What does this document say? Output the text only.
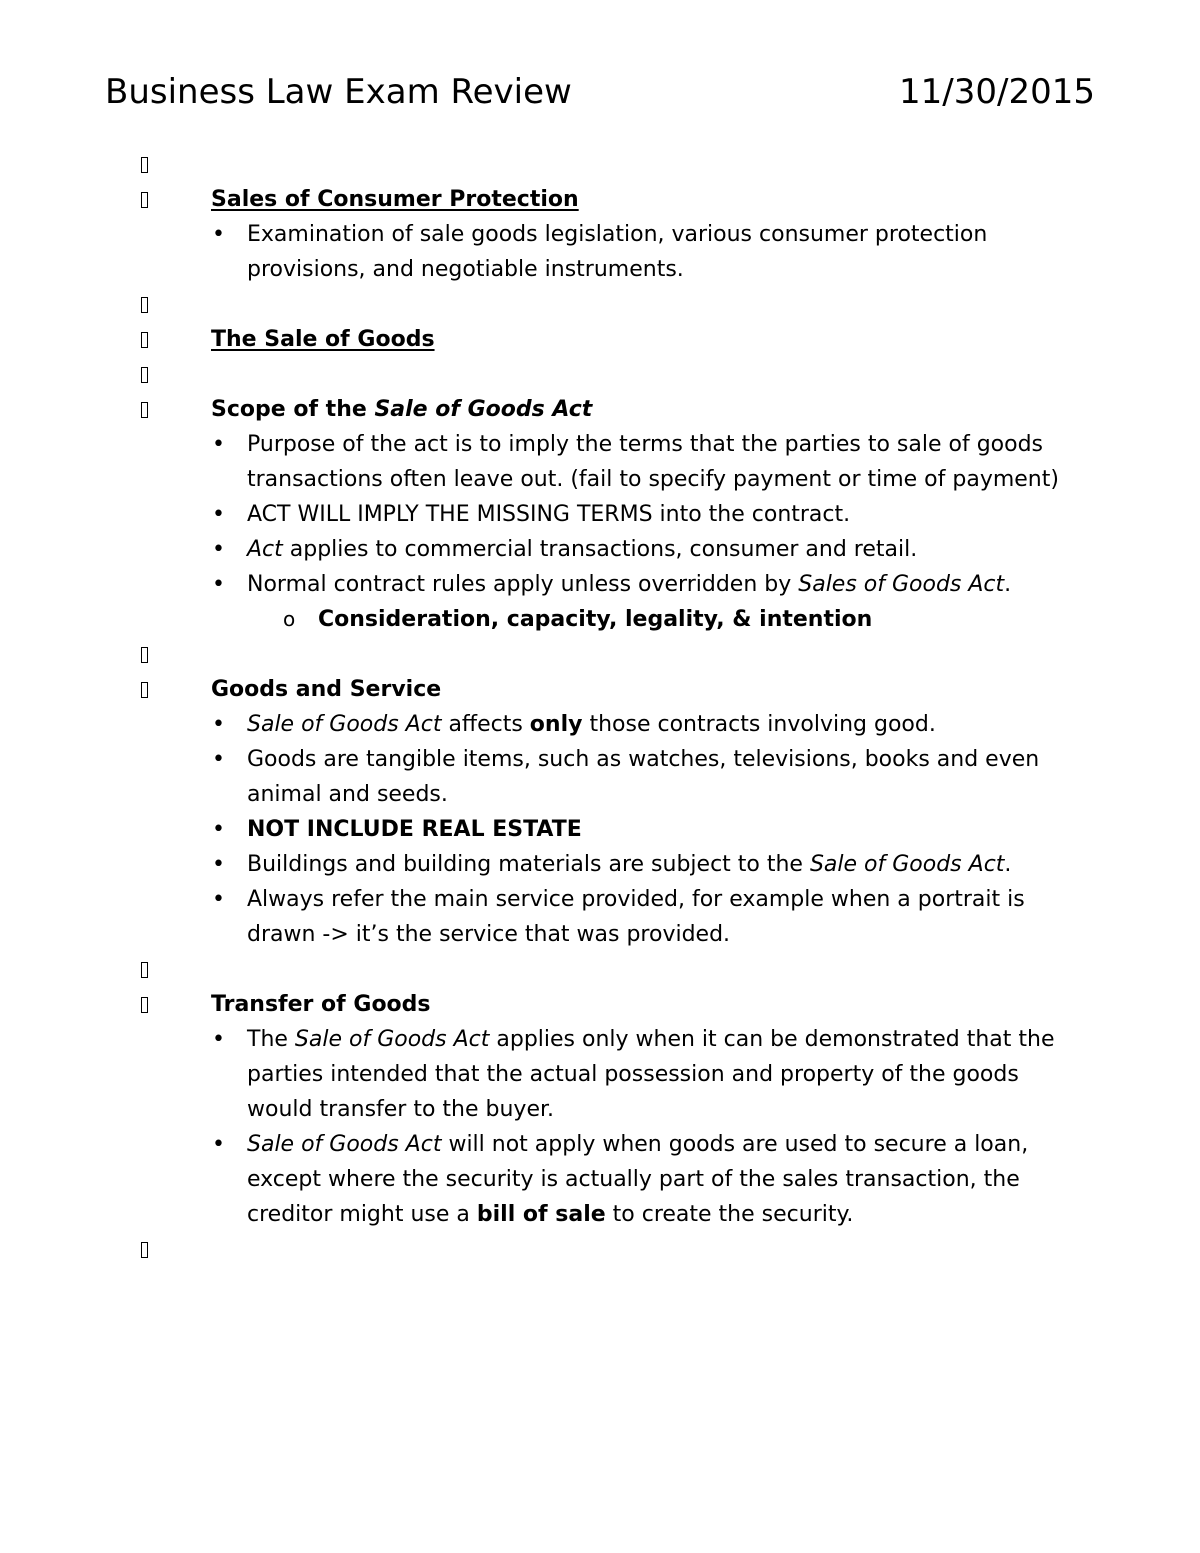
Business Law Exam Review	11/30/2015
Sales of Consumer Protection
• Examination of sale goods legislation, various consumer protection provisions, and negotiable instruments.
The Sale of Goods
Scope of the Sale of Goods Act
• Purpose of the act is to imply the terms that the parties to sale of goods transactions often leave out. (fail to specify payment or time of payment)
• ACT WILL IMPLY THE MISSING TERMS into the contract.
• Act applies to commercial transactions, consumer and retail.
• Normal contract rules apply unless overridden by Sales of Goods Act.
o Consideration, capacity, legality, & intention
Goods and Service
• Sale of Goods Act affects only those contracts involving good.
• Goods are tangible items, such as watches, televisions, books and even animal and seeds.
• NOT INCLUDE REAL ESTATE
• Buildings and building materials are subject to the Sale of Goods Act.
• Always refer the main service provided, for example when a portrait is drawn -> it’s the service that was provided.
Transfer of Goods
• The Sale of Goods Act applies only when it can be demonstrated that the parties intended that the actual possession and property of the goods would transfer to the buyer.
• Sale of Goods Act will not apply when goods are used to secure a loan, except where the security is actually part of the sales transaction, the creditor might use a bill of sale to create the security.
